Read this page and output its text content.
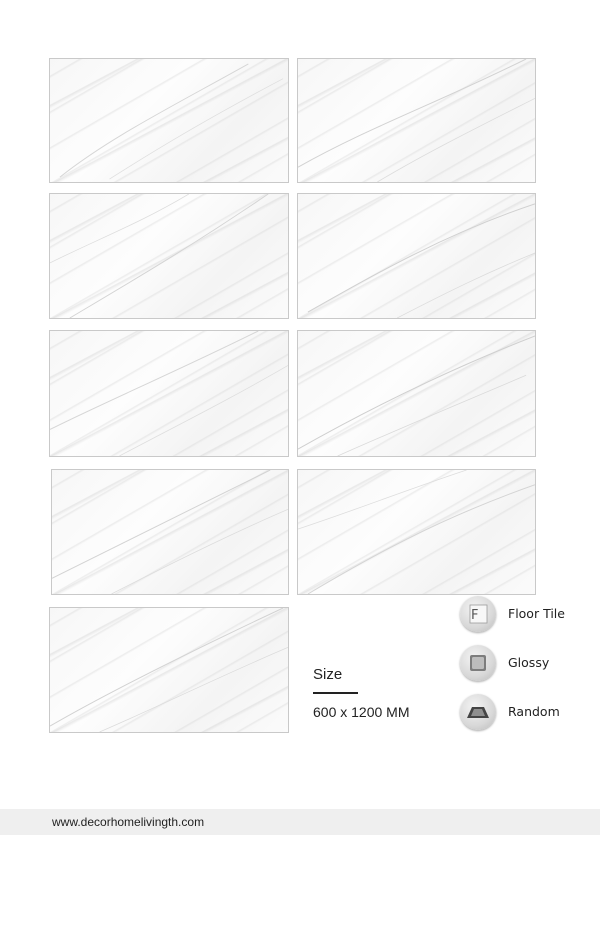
Size
600 x 1200 MM
F Floor Tile
Glossy
Random
www.decorhomelivingth.com
